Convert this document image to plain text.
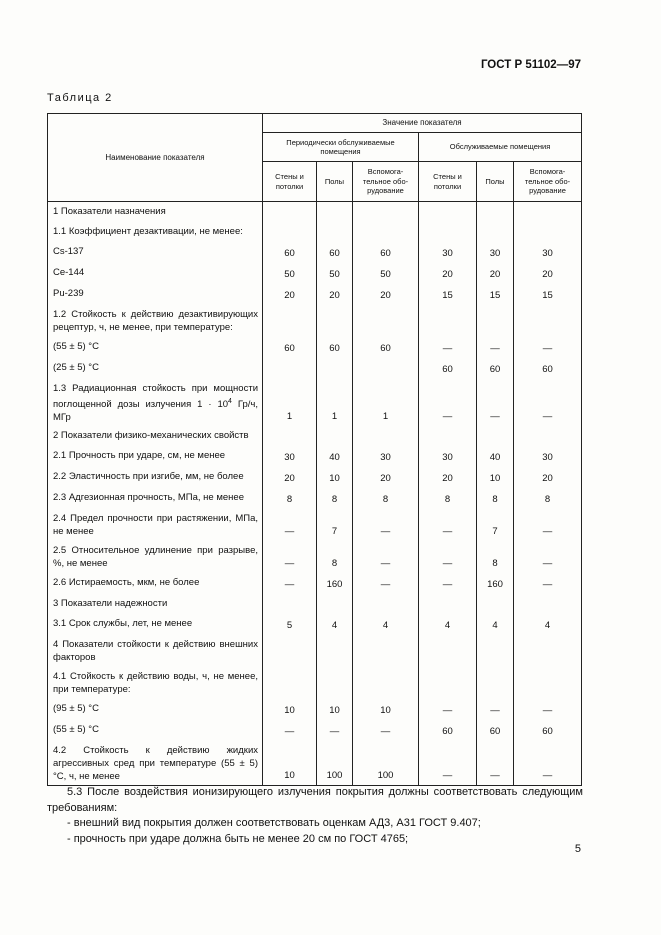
ГОСТ Р 51102—97
Таблица 2
Наименование показателя	Значение показателя					
	Периодически обслуживаемые помещения			Обслуживаемые помещения		
	Стены и потолки	Полы	Вспомога-тельное обо-рудование	Стены и потолки	Полы	Вспомога-тельное обо-рудование
1 Показатели назначения						
1.1 Коэффициент дезактивации, не менее:						
Cs-137	60	60	60	30	30	30
Ce-144	50	50	50	20	20	20
Pu-239	20	20	20	15	15	15
1.2 Стойкость к действию дезактивирующих рецептур, ч, не менее, при температуре:						
(55 ± 5) °C	60	60	60	—	—	—
(25 ± 5) °C				60	60	60
1.3 Радиационная стойкость при мощности поглощенной дозы излучения $1 \cdot 10^4$ Гр/ч, МГр	1	1	1	—	—	—
2 Показатели физико-механических свойств						
2.1 Прочность при ударе, см, не менее	30	40	30	30	40	30
2.2 Эластичность при изгибе, мм, не более	20	10	20	20	10	20
2.3 Адгезионная прочность, МПа, не менее	8	8	8	8	8	8
2.4 Предел прочности при растяжении, МПа, не менее	—	7	—	—	7	—
2.5 Относительное удлинение при разрыве, %, не менее	—	8	—	—	8	—
2.6 Истираемость, мкм, не более	—	160	—	—	160	—
3 Показатели надежности						
3.1 Срок службы, лет, не менее	5	4	4	4	4	4
4 Показатели стойкости к действию внешних факторов						
4.1 Стойкость к действию воды, ч, не менее, при температуре:						
(95 ± 5) °C	10	10	10	—	—	—
(55 ± 5) °C	—	—	—	60	60	60
4.2 Стойкость к действию жидких агрессивных сред при температуре (55 ± 5) °C, ч, не менее	10	100	100	—	—	—

5.3 После воздействия ионизирующего излучения покрытия должны соответствовать следующим требованиям:

- внешний вид покрытия должен соответствовать оценкам АД3, А31 ГОСТ 9.407;

- прочность при ударе должна быть не менее 20 см по ГОСТ 4765;

5
